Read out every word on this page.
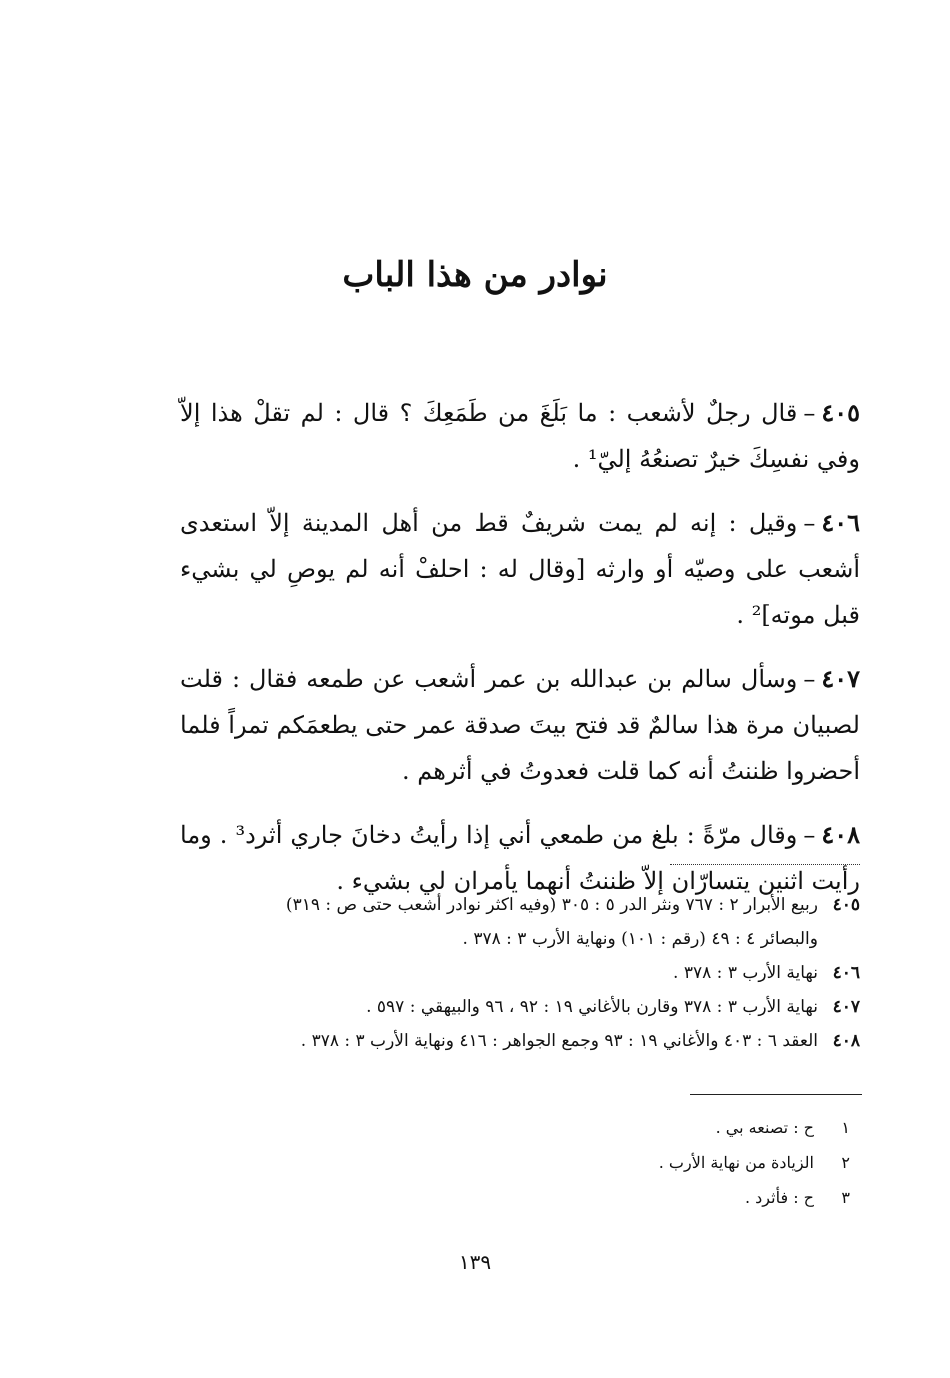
نوادر من هذا الباب

٤٠٥–قال رجلٌ لأشعب : ما بَلَغَ من طَمَعِكَ ؟ قال : لم تقلْ هذا إلاّ وفي نفسِكَ خيرٌ تصنعُهُ إليّ¹ .

٤٠٦–وقيل : إنه لم يمت شريفٌ قط من أهل المدينة إلاّ استعدى أشعب على وصيّه أو وارثه [وقال له : احلفْ أنه لم يوصِ لي بشيء قبل موته]² .

٤٠٧–وسأل سالم بن عبدالله بن عمر أشعب عن طمعه فقال : قلت لصبيان مرة هذا سالمٌ قد فتح بيتَ صدقة عمر حتى يطعمَكم تمراً فلما أحضروا ظننتُ أنه كما قلت فعدوتُ في أثرهم .

٤٠٨–وقال مرّةً : بلغ من طمعي أني إذا رأيتُ دخانَ جاري أثرد³ . وما رأيت اثنين يتسارّان إلاّ ظننتُ أنهما يأمران لي بشيء .

٤٠٥
ربيع الأبرار ٢ : ٧٦٧ ونثر الدر ٥ : ٣٠٥ (وفيه اكثر نوادر أشعب حتى ص : ٣١٩)
والبصائر ٤ : ٤٩ (رقم : ١٠١) ونهاية الأرب ٣ : ٣٧٨ .
٤٠٦
نهاية الأرب ٣ : ٣٧٨ .
٤٠٧
نهاية الأرب ٣ : ٣٧٨ وقارن بالأغاني ١٩ : ٩٢ ، ٩٦ والبيهقي : ٥٩٧ .
٤٠٨
العقد ٦ : ٤٠٣ والأغاني ١٩ : ٩٣ وجمع الجواهر : ٤١٦ ونهاية الأرب ٣ : ٣٧٨ .
١
ح : تصنعه بي .
٢
الزيادة من نهاية الأرب .
٣
ح : فأثرد .
١٣٩
